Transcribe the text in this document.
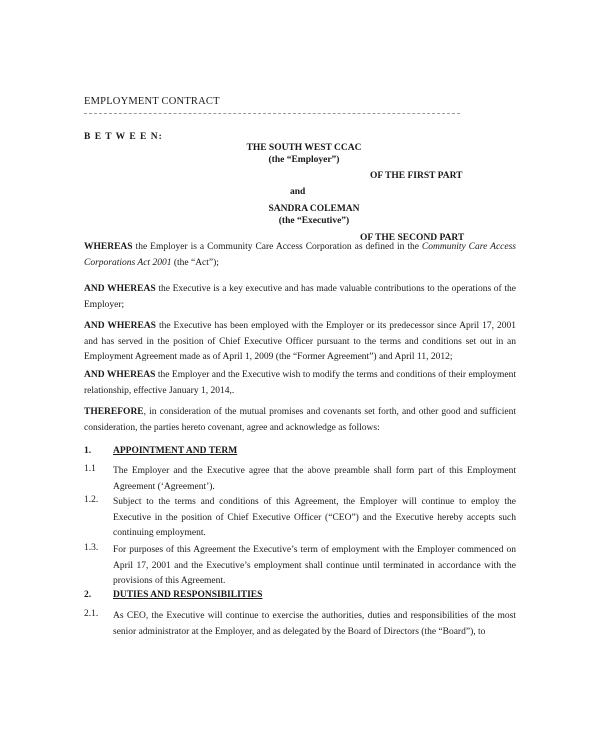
EMPLOYMENT CONTRACT
B E T W E E N:
THE SOUTH WEST CCAC
(the “Employer”)
OF THE FIRST PART
and
SANDRA COLEMAN
(the “Executive”)
OF THE SECOND PART

WHEREAS the Employer is a Community Care Access Corporation as defined in the Community Care Access Corporations Act 2001 (the “Act”);

AND WHEREAS the Executive is a key executive and has made valuable contributions to the operations of the Employer;

AND WHEREAS the Executive has been employed with the Employer or its predecessor since April 17, 2001 and has served in the position of Chief Executive Officer pursuant to the terms and conditions set out in an Employment Agreement made as of April 1, 2009 (the “Former Agreement”) and April 11, 2012;

AND WHEREAS the Employer and the Executive wish to modify the terms and conditions of their employment relationship, effective January 1, 2014,.

THEREFORE, in consideration of the mutual promises and covenants set forth, and other good and sufficient consideration, the parties hereto covenant, agree and acknowledge as follows:

1. APPOINTMENT AND TERM
1.1 The Employer and the Executive agree that the above preamble shall form part of this Employment Agreement (‘Agreement’).

1.2. Subject to the terms and conditions of this Agreement, the Employer will continue to employ the Executive in the position of Chief Executive Officer (“CEO”) and the Executive hereby accepts such continuing employment.

1.3. For purposes of this Agreement the Executive’s term of employment with the Employer commenced on April 17, 2001 and the Executive’s employment shall continue until terminated in accordance with the provisions of this Agreement.

2. DUTIES AND RESPONSIBILITIES
2.1. As CEO, the Executive will continue to exercise the authorities, duties and responsibilities of the most senior administrator at the Employer, and as delegated by the Board of Directors (the “Board”), to
